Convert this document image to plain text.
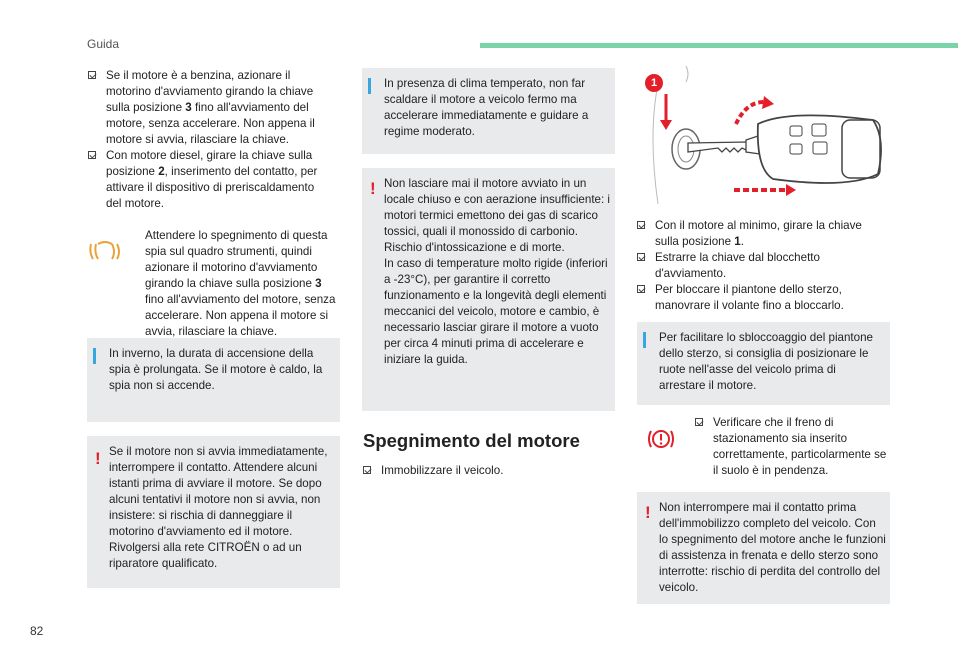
Guida
Se il motore è a benzina, azionare il motorino d'avviamento girando la chiave sulla posizione 3 fino all'avviamento del motore, senza accelerare. Non appena il motore si avvia, rilasciare la chiave.
Con motore diesel, girare la chiave sulla posizione 2, inserimento del contatto, per attivare il dispositivo di preriscaldamento del motore.
Attendere lo spegnimento di questa spia sul quadro strumenti, quindi azionare il motorino d'avviamento girando la chiave sulla posizione 3 fino all'avviamento del motore, senza accelerare. Non appena il motore si avvia, rilasciare la chiave.
In inverno, la durata di accensione della spia è prolungata. Se il motore è caldo, la spia non si accende.
! Se il motore non si avvia immediatamente, interrompere il contatto. Attendere alcuni istanti prima di avviare il motore. Se dopo alcuni tentativi il motore non si avvia, non insistere: si rischia di danneggiare il motorino d'avviamento ed il motore. Rivolgersi alla rete CITROËN o ad un riparatore qualificato.
In presenza di clima temperato, non far scaldare il motore a veicolo fermo ma accelerare immediatamente e guidare a regime moderato.
! Non lasciare mai il motore avviato in un locale chiuso e con aerazione insufficiente: i motori termici emettono dei gas di scarico tossici, quali il monossido di carbonio. Rischio d'intossicazione e di morte.
In caso di temperature molto rigide (inferiori a -23°C), per garantire il corretto funzionamento e la longevità degli elementi meccanici del veicolo, motore e cambio, è necessario lasciar girare il motore a vuoto per circa 4 minuti prima di accelerare e iniziare la guida.
Spegnimento del motore
Immobilizzare il veicolo.
1
Con il motore al minimo, girare la chiave sulla posizione 1.
Estrarre la chiave dal blocchetto d'avviamento.
Per bloccare il piantone dello sterzo, manovrare il volante fino a bloccarlo.
Per facilitare lo sblocco​aggio del piantone dello sterzo, si consiglia di posizionare le ruote nell'asse del veicolo prima di arrestare il motore.
Verificare che il freno di stazionamento sia inserito correttamente, particolarmente se il suolo è in pendenza.
! Non interrompere mai il contatto prima dell'immobilizzo completo del veicolo. Con lo spegnimento del motore anche le funzioni di assistenza in frenata e dello sterzo sono interrotte: rischio di perdita del controllo del veicolo.
82
